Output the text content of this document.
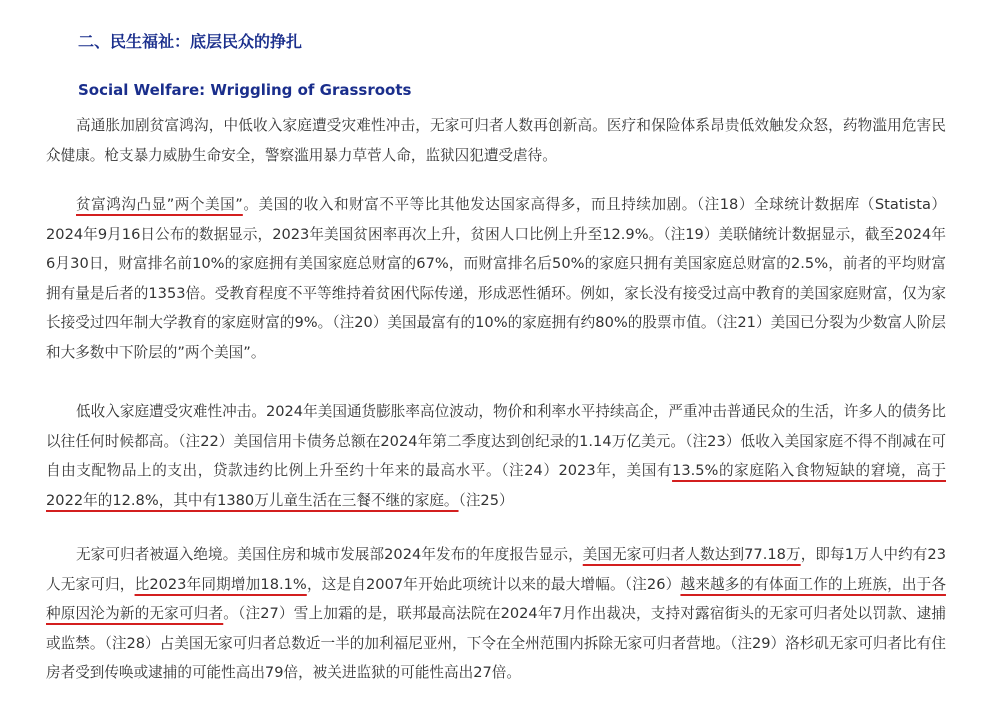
二、民生福祉：底层民众的挣扎
Social Welfare: Wriggling of Grassroots

高通胀加剧贫富鸿沟，中低收入家庭遭受灾难性冲击，无家可归者人数再创新高。医疗和保险体系昂贵低效触发众怒，药物滥用危害民众健康。枪支暴力威胁生命安全，警察滥用暴力草菅人命，监狱囚犯遭受虐待。

贫富鸿沟凸显”两个美国”。美国的收入和财富不平等比其他发达国家高得多，而且持续加剧。（注18）全球统计数据库（Statista）2024年9月16日公布的数据显示，2023年美国贫困率再次上升，贫困人口比例上升至12.9%。（注19）美联储统计数据显示，截至2024年6月30日，财富排名前10%的家庭拥有美国家庭总财富的67%，而财富排名后50%的家庭只拥有美国家庭总财富的2.5%，前者的平均财富拥有量是后者的1353倍。受教育程度不平等维持着贫困代际传递，形成恶性循环。例如，家长没有接受过高中教育的美国家庭财富，仅为家长接受过四年制大学教育的家庭财富的9%。（注20）美国最富有的10%的家庭拥有约80%的股票市值。（注21）美国已分裂为少数富人阶层和大多数中下阶层的”两个美国”。

低收入家庭遭受灾难性冲击。2024年美国通货膨胀率高位波动，物价和利率水平持续高企，严重冲击普通民众的生活，许多人的债务比以往任何时候都高。（注22）美国信用卡债务总额在2024年第二季度达到创纪录的1.14万亿美元。（注23）低收入美国家庭不得不削减在可自由支配物品上的支出，贷款违约比例上升至约十年来的最高水平。（注24）2023年，美国有13.5%的家庭陷入食物短缺的窘境，高于2022年的12.8%，其中有1380万儿童生活在三餐不继的家庭。（注25）

无家可归者被逼入绝境。美国住房和城市发展部2024年发布的年度报告显示，美国无家可归者人数达到77.18万，即每1万人中约有23人无家可归，比2023年同期增加18.1%，这是自2007年开始此项统计以来的最大增幅。（注26）越来越多的有体面工作的上班族，出于各种原因沦为新的无家可归者。（注27）雪上加霜的是，联邦最高法院在2024年7月作出裁决，支持对露宿街头的无家可归者处以罚款、逮捕或监禁。（注28）占美国无家可归者总数近一半的加利福尼亚州，下令在全州范围内拆除无家可归者营地。（注29）洛杉矶无家可归者比有住房者受到传唤或逮捕的可能性高出79倍，被关进监狱的可能性高出27倍。
